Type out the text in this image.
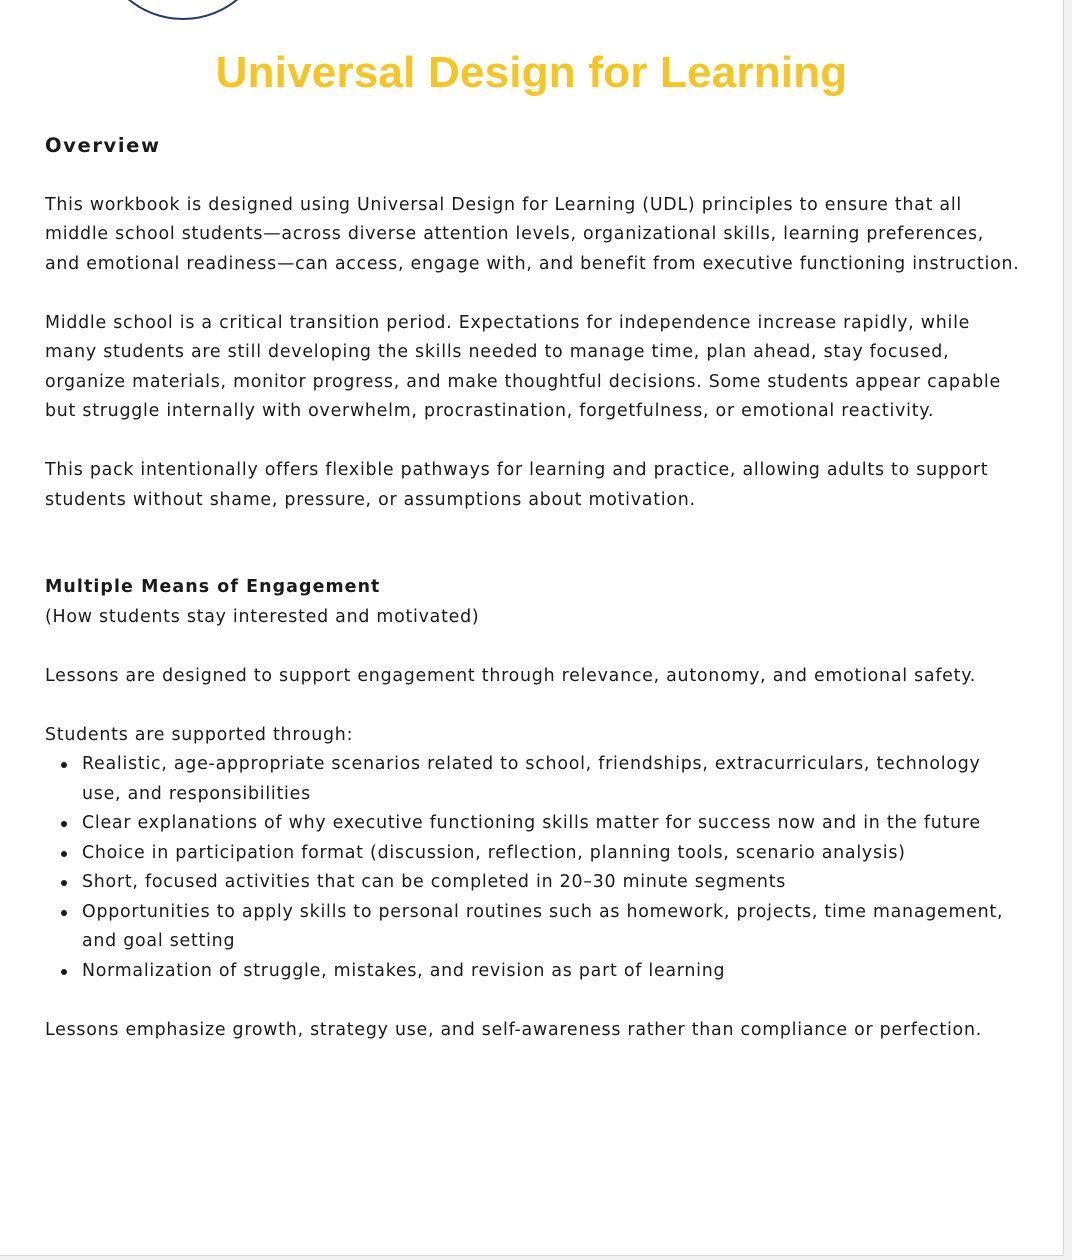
Universal Design for Learning

Overview

This workbook is designed using Universal Design for Learning (UDL) principles to ensure that all middle school students—across diverse attention levels, organizational skills, learning preferences, and emotional readiness—can access, engage with, and benefit from executive functioning instruction.

Middle school is a critical transition period. Expectations for independence increase rapidly, while many students are still developing the skills needed to manage time, plan ahead, stay focused, organize materials, monitor progress, and make thoughtful decisions. Some students appear capable but struggle internally with overwhelm, procrastination, forgetfulness, or emotional reactivity.

This pack intentionally offers flexible pathways for learning and practice, allowing adults to support students without shame, pressure, or assumptions about motivation.

Multiple Means of Engagement

(How students stay interested and motivated)

Lessons are designed to support engagement through relevance, autonomy, and emotional safety.

Students are supported through:

Realistic, age-appropriate scenarios related to school, friendships, extracurriculars, technology use, and responsibilities
Clear explanations of why executive functioning skills matter for success now and in the future
Choice in participation format (discussion, reflection, planning tools, scenario analysis)
Short, focused activities that can be completed in 20–30 minute segments
Opportunities to apply skills to personal routines such as homework, projects, time management, and goal setting
Normalization of struggle, mistakes, and revision as part of learning

Lessons emphasize growth, strategy use, and self-awareness rather than compliance or perfection.
